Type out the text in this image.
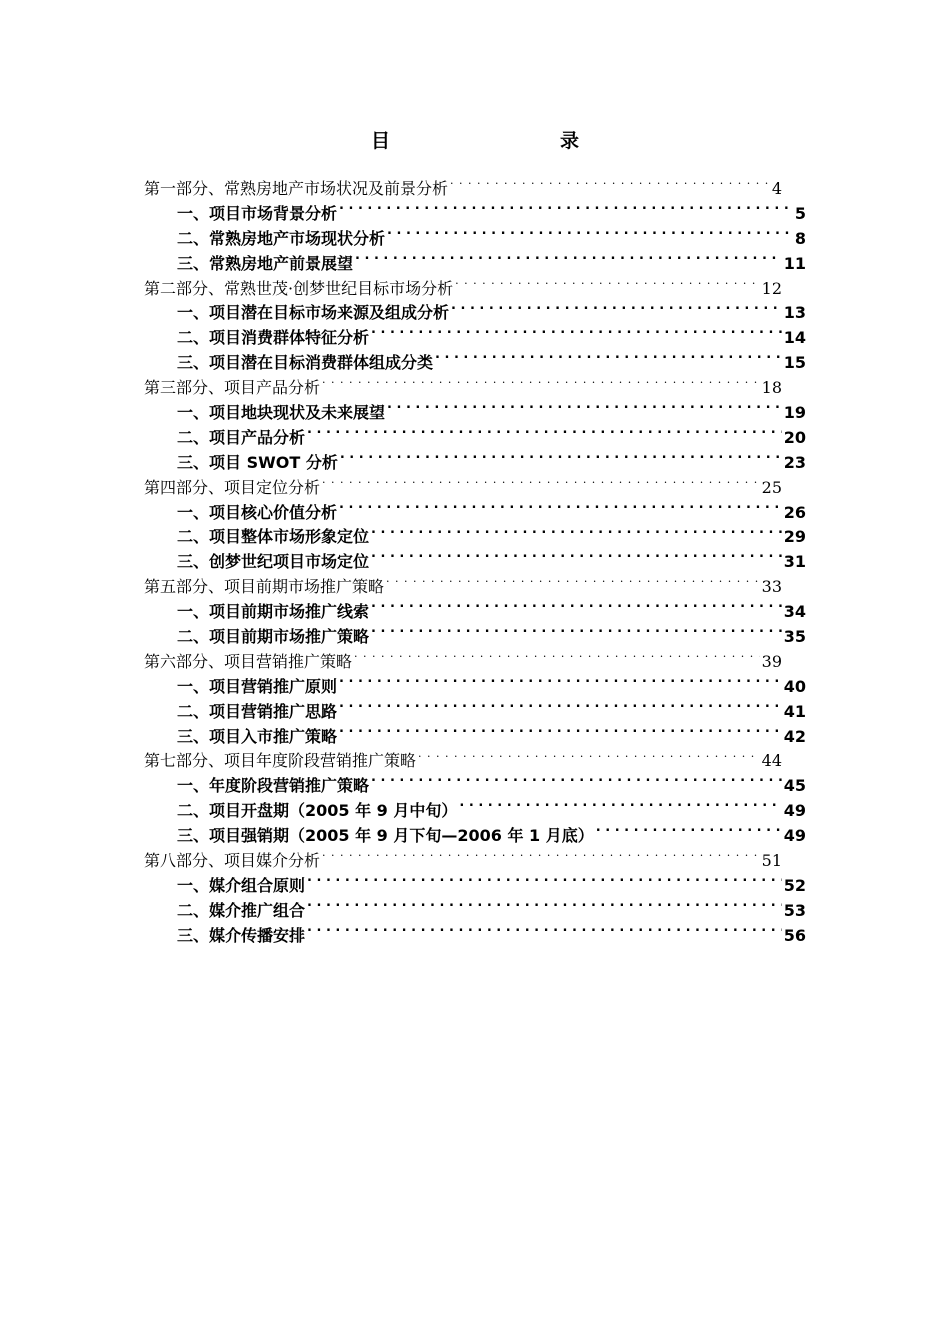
目　　录
第一部分、常熟房地产市场状况及前景分析 . . .	4
一、项目市场背景分析 . . .	5
二、常熟房地产市场现状分析 . . .	8
三、常熟房地产前景展望 . . .	11
第二部分、常熟世茂·创梦世纪目标市场分析 . . .	12
一、项目潜在目标市场来源及组成分析 . . .	13
二、项目消费群体特征分析 . . .	14
三、项目潜在目标消费群体组成分类 . . .	15
第三部分、项目产品分析 . . .	18
一、项目地块现状及未来展望 . . .	19
二、项目产品分析 . . .	20
三、项目 SWOT 分析 . . .	23
第四部分、项目定位分析 . . .	25
一、项目核心价值分析 . . .	26
二、项目整体市场形象定位 . . .	29
三、创梦世纪项目市场定位 . . .	31
第五部分、项目前期市场推广策略 . . .	33
一、项目前期市场推广线索 . . .	34
二、项目前期市场推广策略 . . .	35
第六部分、项目营销推广策略 . . .	39
一、项目营销推广原则 . . .	40
二、项目营销推广思路 . . .	41
三、项目入市推广策略 . . .	42
第七部分、项目年度阶段营销推广策略 . . .	44
一、年度阶段营销推广策略 . . .	45
二、项目开盘期（2005 年 9 月中旬） . . .	49
三、项目强销期（2005 年 9 月下旬—2006 年 1 月底） . . .	49
第八部分、项目媒介分析 . . .	51
一、媒介组合原则 . . .	52
二、媒介推广组合 . . .	53
三、媒介传播安排 . . .	56
